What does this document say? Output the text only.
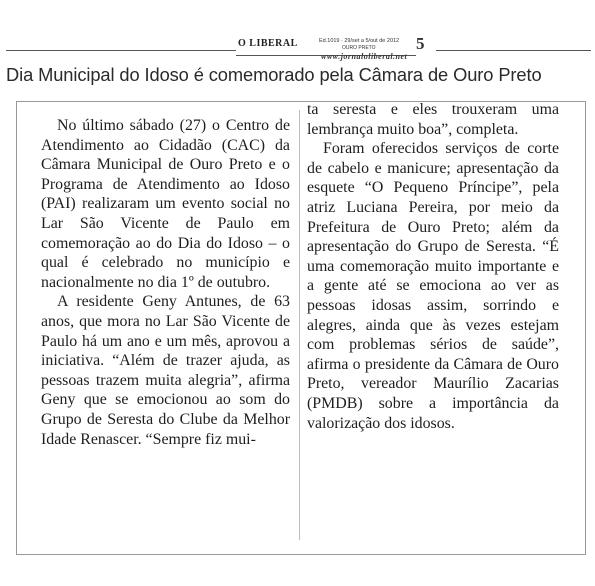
O LIBERAL	Ed.1019 · 29/set a 5/out de 2012
OURO PRETO
www.jornaloliberal.net
5
Dia Municipal do Idoso é comemorado pela Câmara de Ouro Preto

No último sábado (27) o Centro de Atendimento ao Cidadão (CAC) da Câmara Municipal de Ouro Preto e o Programa de Atendimento ao Idoso (PAI) realizaram um evento social no Lar São Vicente de Paulo em comemoração ao do Dia do Idoso – o qual é celebrado no município e nacionalmente no dia 1º de outubro.

A residente Geny Antunes, de 63 anos, que mora no Lar São Vicente de Paulo há um ano e um mês, aprovou a iniciativa. “Além de trazer ajuda, as pessoas trazem muita alegria”, afirma Geny que se emocionou ao som do Grupo de Seresta do Clube da Melhor Idade Renascer. “Sempre fiz mui-

ta seresta e eles trouxeram uma lembrança muito boa”, completa.

Foram oferecidos serviços de corte de cabelo e manicure; apresentação da esquete “O Pequeno Príncipe”, pela atriz Luciana Pereira, por meio da Prefeitura de Ouro Preto; além da apresentação do Grupo de Seresta. “É uma comemoração muito importante e a gente até se emociona ao ver as pessoas idosas assim, sorrindo e alegres, ainda que às vezes estejam com problemas sérios de saúde”, afirma o presidente da Câmara de Ouro Preto, vereador Maurílio Zacarias (PMDB) sobre a importância da valorização dos idosos.
